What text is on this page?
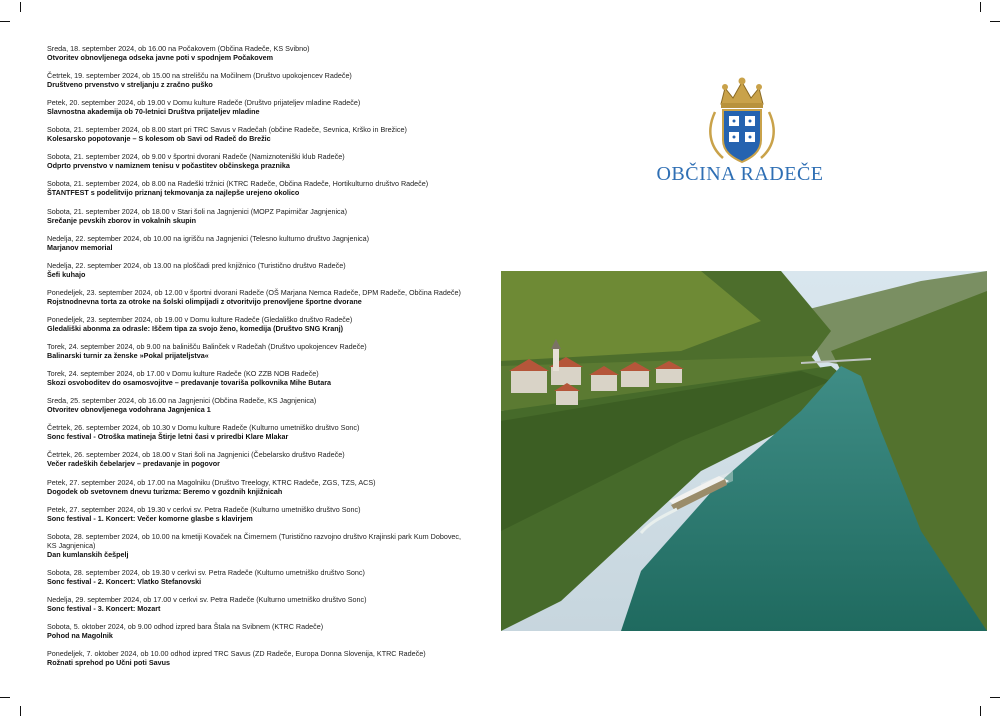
Sreda, 18. september 2024, ob 16.00 na Počakovem (Občina Radeče, KS Svibno)
Otvoritev obnovljenega odseka javne poti v spodnjem Počakovem
Četrtek, 19. september 2024, ob 15.00 na strelišču na Močilnem (Društvo upokojencev Radeče)
Društveno prvenstvo v streljanju z zračno puško
Petek, 20. september 2024, ob 19.00 v Domu kulture Radeče (Društvo prijateljev mladine Radeče)
Slavnostna akademija ob 70-letnici Društva prijateljev mladine
Sobota, 21. september 2024, ob 8.00 start pri TRC Savus v Radečah (občine Radeče, Sevnica, Krško in Brežice)
Kolesarsko popotovanje – S kolesom ob Savi od Radeč do Brežic
Sobota, 21. september 2024, ob 9.00 v športni dvorani Radeče (Namiznoteniški klub Radeče)
Odprto prvenstvo v namiznem tenisu v počastitev občinskega praznika
Sobota, 21. september 2024, ob 8.00 na Radeški tržnici (KTRC Radeče, Občina Radeče, Hortikulturno društvo Radeče)
ŠTANTFEST s podelitvijo priznanj tekmovanja za najlepše urejeno okolico
Sobota, 21. september 2024, ob 18.00 v Stari šoli na Jagnjenici (MOPZ Papirničar Jagnjenica)
Srečanje pevskih zborov in vokalnih skupin
Nedelja, 22. september 2024, ob 10.00 na igrišču na Jagnjenici (Telesno kulturno društvo Jagnjenica)
Marjanov memorial
Nedelja, 22. september 2024, ob 13.00 na ploščadi pred knjižnico (Turistično društvo Radeče)
Šefi kuhajo
Ponedeljek, 23. september 2024, ob 12.00 v športni dvorani Radeče (OŠ Marjana Nemca Radeče, DPM Radeče, Občina Radeče)
Rojstnodnevna torta za otroke na šolski olimpijadi z otvoritvijo prenovljene športne dvorane
Ponedeljek, 23. september 2024, ob 19.00 v Domu kulture Radeče (Gledališko društvo Radeče)
Gledališki abonma za odrasle: Iščem tipa za svojo ženo, komedija (Društvo SNG Kranj)
Torek, 24. september 2024, ob 9.00 na balinišču Balinček v Radečah (Društvo upokojencev Radeče)
Balinarski turnir za ženske »Pokal prijateljstva«
Torek, 24. september 2024, ob 17.00 v Domu kulture Radeče (KO ZZB NOB Radeče)
Skozi osvoboditev do osamosvojitve – predavanje tovariša polkovnika Mihe Butara
Sreda, 25. september 2024, ob 16.00 na Jagnjenici (Občina Radeče, KS Jagnjenica)
Otvoritev obnovljenega vodohrana Jagnjenica 1
Četrtek, 26. september 2024, ob 10.30 v Domu kulture Radeče (Kulturno umetniško društvo Sonc)
Sonc festival - Otroška matineja Štirje letni časi v priredbi Klare Mlakar
Četrtek, 26. september 2024, ob 18.00 v Stari šoli na Jagnjenici (Čebelarsko društvo Radeče)
Večer radeških čebelarjev – predavanje in pogovor
Petek, 27. september 2024, ob 17.00 na Magolniku (Društvo Treelogy, KTRC Radeče, ZGS, TZS, ACS)
Dogodek ob svetovnem dnevu turizma: Beremo v gozdnih knjižnicah
Petek, 27. september 2024, ob 19.30 v cerkvi sv. Petra Radeče (Kulturno umetniško društvo Sonc)
Sonc festival - 1. Koncert: Večer komorne glasbe s klavirjem
Sobota, 28. september 2024, ob 10.00 na kmetiji Kovaček na Čimernem (Turistično razvojno društvo Krajinski park Kum Dobovec, KS Jagnjenica)
Dan kumlanskih češpelj
Sobota, 28. september 2024, ob 19.30 v cerkvi sv. Petra Radeče (Kulturno umetniško društvo Sonc)
Sonc festival - 2. Koncert: Vlatko Stefanovski
Nedelja, 29. september 2024, ob 17.00 v cerkvi sv. Petra Radeče (Kulturno umetniško društvo Sonc)
Sonc festival - 3. Koncert: Mozart
Sobota, 5. oktober 2024, ob 9.00 odhod izpred bara Štala na Svibnem (KTRC Radeče)
Pohod na Magolnik
Ponedeljek, 7. oktober 2024, ob 10.00 odhod izpred TRC Savus (ZD Radeče, Europa Donna Slovenija, KTRC Radeče)
Rožnati sprehod po Učni poti Savus
OBČINA RADEČE
